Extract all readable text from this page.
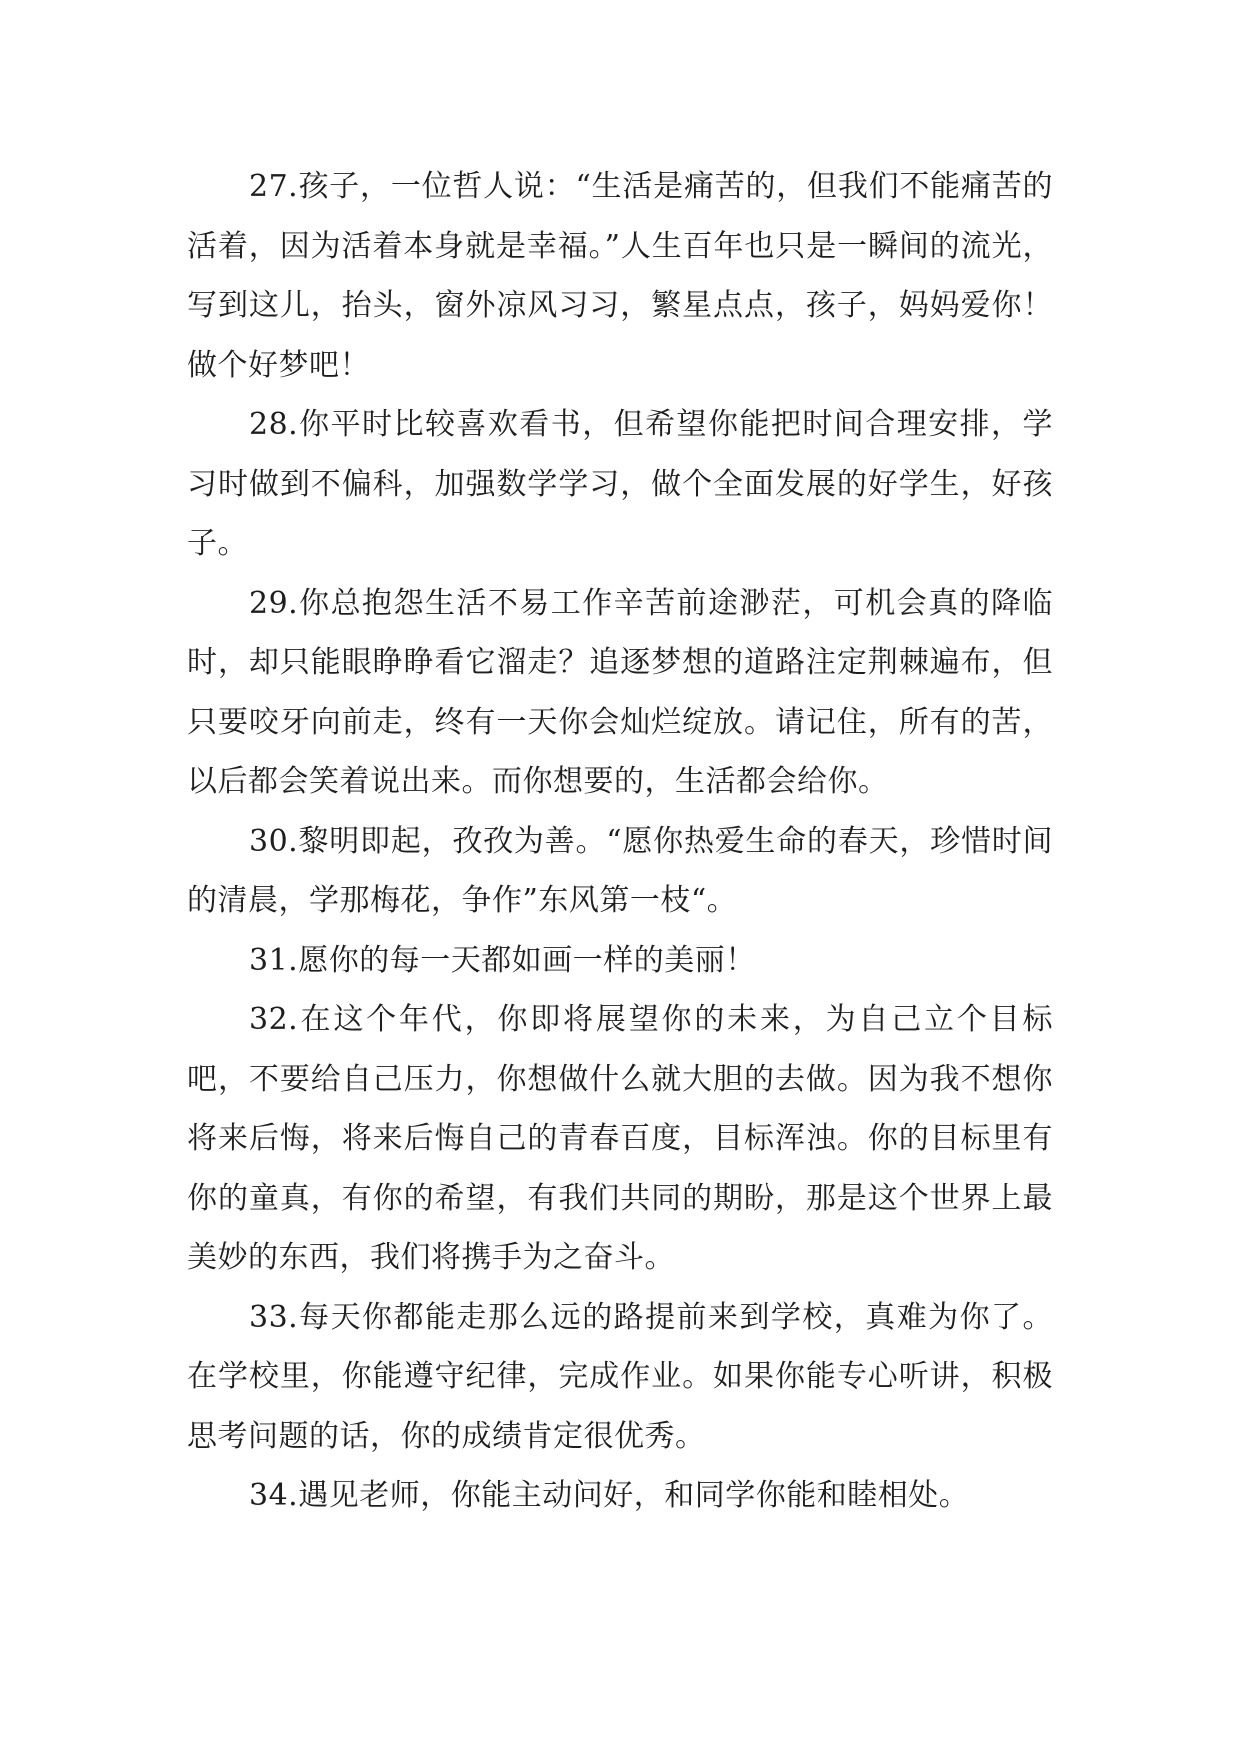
27.孩子，一位哲人说：“生活是痛苦的，但我们不能痛苦的活着，因为活着本身就是幸福。”人生百年也只是一瞬间的流光，写到这儿，抬头，窗外凉风习习，繁星点点，孩子，妈妈爱你！做个好梦吧！

28.你平时比较喜欢看书，但希望你能把时间合理安排，学习时做到不偏科，加强数学学习，做个全面发展的好学生，好孩子。

29.你总抱怨生活不易工作辛苦前途渺茫，可机会真的降临时，却只能眼睁睁看它溜走？追逐梦想的道路注定荆棘遍布，但只要咬牙向前走，终有一天你会灿烂绽放。请记住，所有的苦，以后都会笑着说出来。而你想要的，生活都会给你。

30.黎明即起，孜孜为善。“愿你热爱生命的春天，珍惜时间的清晨，学那梅花，争作”东风第一枝“。

31.愿你的每一天都如画一样的美丽！

32.在这个年代，你即将展望你的未来，为自己立个目标吧，不要给自己压力，你想做什么就大胆的去做。因为我不想你将来后悔，将来后悔自己的青春百度，目标浑浊。你的目标里有你的童真，有你的希望，有我们共同的期盼，那是这个世界上最美妙的东西，我们将携手为之奋斗。

33.每天你都能走那么远的路提前来到学校，真难为你了。在学校里，你能遵守纪律，完成作业。如果你能专心听讲，积极思考问题的话，你的成绩肯定很优秀。

34.遇见老师，你能主动问好，和同学你能和睦相处。
